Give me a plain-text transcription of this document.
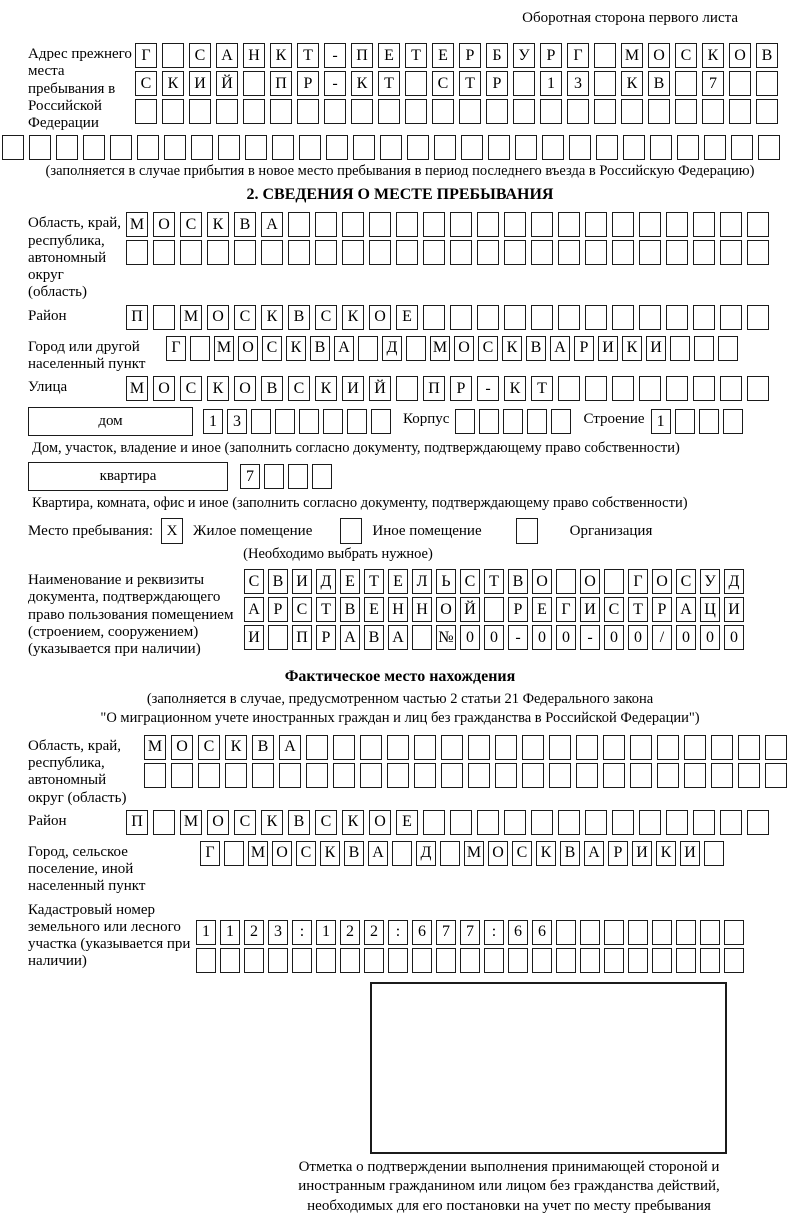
Оборотная сторона первого листа
Адрес прежнего места пребывания в Российской Федерации
Г	С А Н К	Т	-	П	Е	Т	Е	Р	Б	У	Р	Г	М О С	К О В
С	К И Й	П	Р	-	К	Т	С	Т	Р	1	3	К	В	7
(заполняется в случае прибытия в новое место пребывания в период последнего въезда в Российскую Федерацию)
2. СВЕДЕНИЯ О МЕСТЕ ПРЕБЫВАНИЯ
Область, край, республика, автономный округ (область)
М О С	К	В А
Район	П	М О С	К	В	С	К О	Е
Город или другой населенный пункт
Г	М О С К В А Д М О С К В А Р И К И
Улица	М О С	К О В	С	К И Й	П	Р	-	К	Т
дом	1	3	Корпус	Строение 1
Дом, участок, владение и иное (заполнить согласно документу, подтверждающему право собственности)
квартира	7
Квартира, комната, офис и иное (заполнить согласно документу, подтверждающему право собственности)
Место пребывания: X	Жилое помещение	Иное помещение	Организация
(Необходимо выбрать нужное)
Наименование и реквизиты документа, подтверждающего право пользования помещением (строением, сооружением) (указывается при наличии)
С В И Д Е Т Е Л Ь С Т В О О	Г О С У Д
А Р С Т В Е Н Н О Й	Р Е Г И С Т Р А Ц И
И П Р А В А № 0	0	-	0	0	-	0	0	/	0	0	0
Фактическое место нахождения
(заполняется в случае, предусмотренном частью 2 статьи 21 Федерального закона
"О миграционном учете иностранных граждан и лиц без гражданства в Российской Федерации")
Область, край, республика, автономный округ (область)
М О С	К	В А
Район	П	М О С	К	В	С	К О	Е
Город, сельское поселение, иной населенный пункт
Г	М О С К В А Д М О С К В А Р И К И
Кадастровый номер земельного или лесного участка (указывается при наличии)
1	1	2	3	:	1	2	2	:	6	7	7	:	6	6
Отметка о подтверждении выполнения принимающей стороной и иностранным гражданином или лицом без гражданства действий, необходимых для его постановки на учет по месту пребывания
